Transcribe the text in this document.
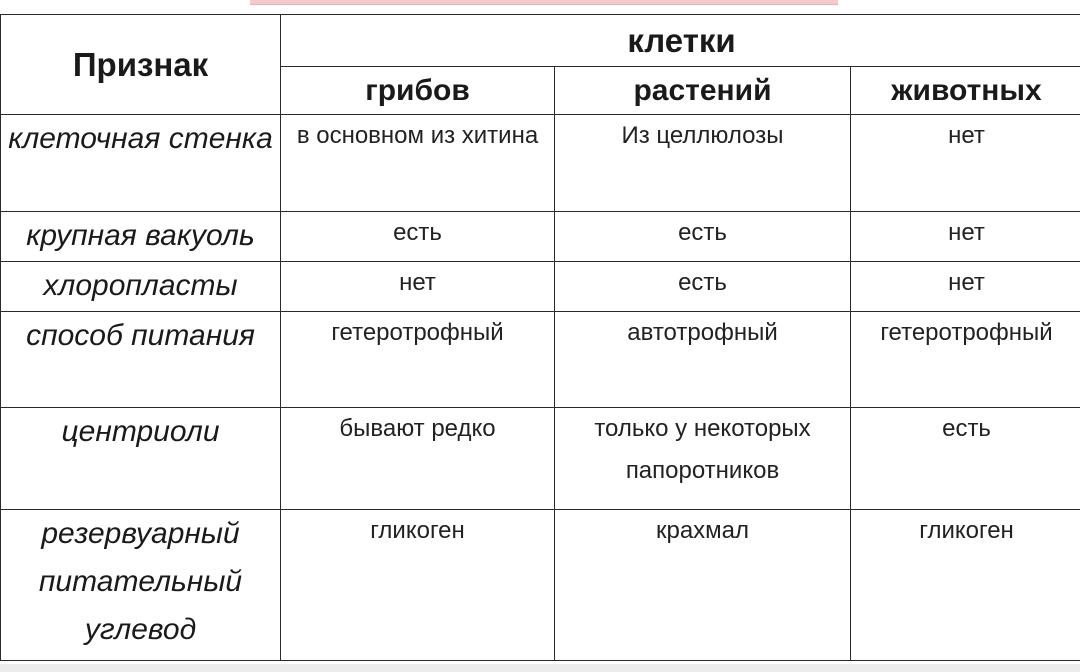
Признак	клетки		
	грибов	растений	животных
клеточная стенка	в основном из хитина	Из целлюлозы	нет
крупная вакуоль	есть	есть	нет
хлоропласты	нет	есть	нет
способ питания	гетеротрофный	автотрофный	гетеротрофный
центриоли	бывают редко	только у некоторых папоротников	есть
резервуарный питательный углевод	гликоген	крахмал	гликоген
